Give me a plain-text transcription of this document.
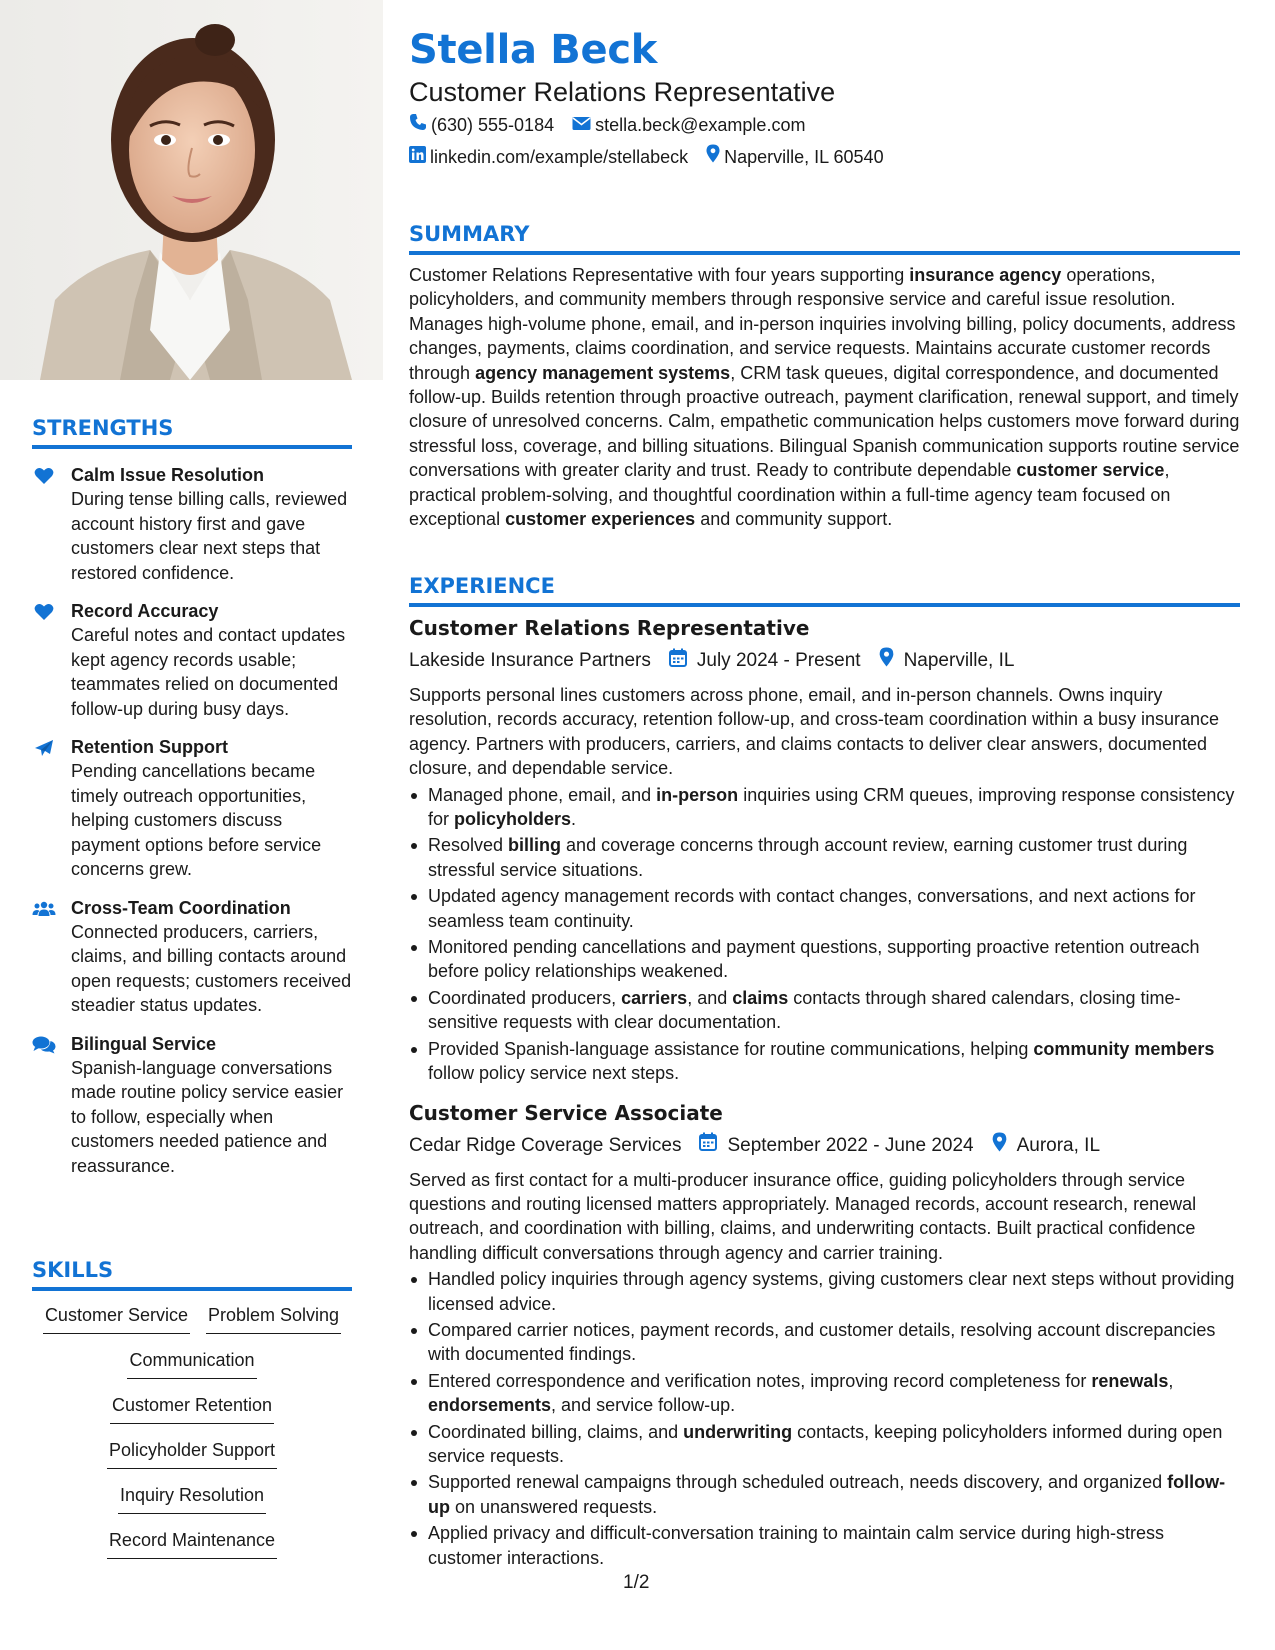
STRENGTHS
Calm Issue Resolution
During tense billing calls, reviewed account history first and gave customers clear next steps that restored confidence.
Record Accuracy
Careful notes and contact updates kept agency records usable; teammates relied on documented follow-up during busy days.
Retention Support
Pending cancellations became timely outreach opportunities, helping customers discuss payment options before service concerns grew.
Cross-Team Coordination
Connected producers, carriers, claims, and billing contacts around open requests; customers received steadier status updates.
Bilingual Service
Spanish-language conversations made routine policy service easier to follow, especially when customers needed patience and reassurance.
SKILLS
Customer Service Problem Solving
Communication
Customer Retention
Policyholder Support
Inquiry Resolution
Record Maintenance
Stella Beck
Customer Relations Representative
(630) 555-0184 stella.beck@example.com
linkedin.com/example/stellabeck Naperville, IL 60540
SUMMARY

Customer Relations Representative with four years supporting insurance agency operations, policyholders, and community members through responsive service and careful issue resolution. Manages high-volume phone, email, and in-person inquiries involving billing, policy documents, address changes, payments, claims coordination, and service requests. Maintains accurate customer records through agency management systems, CRM task queues, digital correspondence, and documented follow-up. Builds retention through proactive outreach, payment clarification, renewal support, and timely closure of unresolved concerns. Calm, empathetic communication helps customers move forward during stressful loss, coverage, and billing situations. Bilingual Spanish communication supports routine service conversations with greater clarity and trust. Ready to contribute dependable customer service, practical problem-solving, and thoughtful coordination within a full-time agency team focused on exceptional customer experiences and community support.

EXPERIENCE
Customer Relations Representative
Lakeside Insurance Partners July 2024 - Present Naperville, IL

Supports personal lines customers across phone, email, and in-person channels. Owns inquiry resolution, records accuracy, retention follow-up, and cross-team coordination within a busy insurance agency. Partners with producers, carriers, and claims contacts to deliver clear answers, documented closure, and dependable service.

Managed phone, email, and in-person inquiries using CRM queues, improving response consistency for policyholders.
Resolved billing and coverage concerns through account review, earning customer trust during stressful service situations.
Updated agency management records with contact changes, conversations, and next actions for seamless team continuity.
Monitored pending cancellations and payment questions, supporting proactive retention outreach before policy relationships weakened.
Coordinated producers, carriers, and claims contacts through shared calendars, closing time-sensitive requests with clear documentation.
Provided Spanish-language assistance for routine communications, helping community members follow policy service next steps.
Customer Service Associate
Cedar Ridge Coverage Services September 2022 - June 2024 Aurora, IL

Served as first contact for a multi-producer insurance office, guiding policyholders through service questions and routing licensed matters appropriately. Managed records, account research, renewal outreach, and coordination with billing, claims, and underwriting contacts. Built practical confidence handling difficult conversations through agency and carrier training.

Handled policy inquiries through agency systems, giving customers clear next steps without providing licensed advice.
Compared carrier notices, payment records, and customer details, resolving account discrepancies with documented findings.
Entered correspondence and verification notes, improving record completeness for renewals, endorsements, and service follow-up.
Coordinated billing, claims, and underwriting contacts, keeping policyholders informed during open service requests.
Supported renewal campaigns through scheduled outreach, needs discovery, and organized follow-up on unanswered requests.
Applied privacy and difficult-conversation training to maintain calm service during high-stress customer interactions.
1/2
